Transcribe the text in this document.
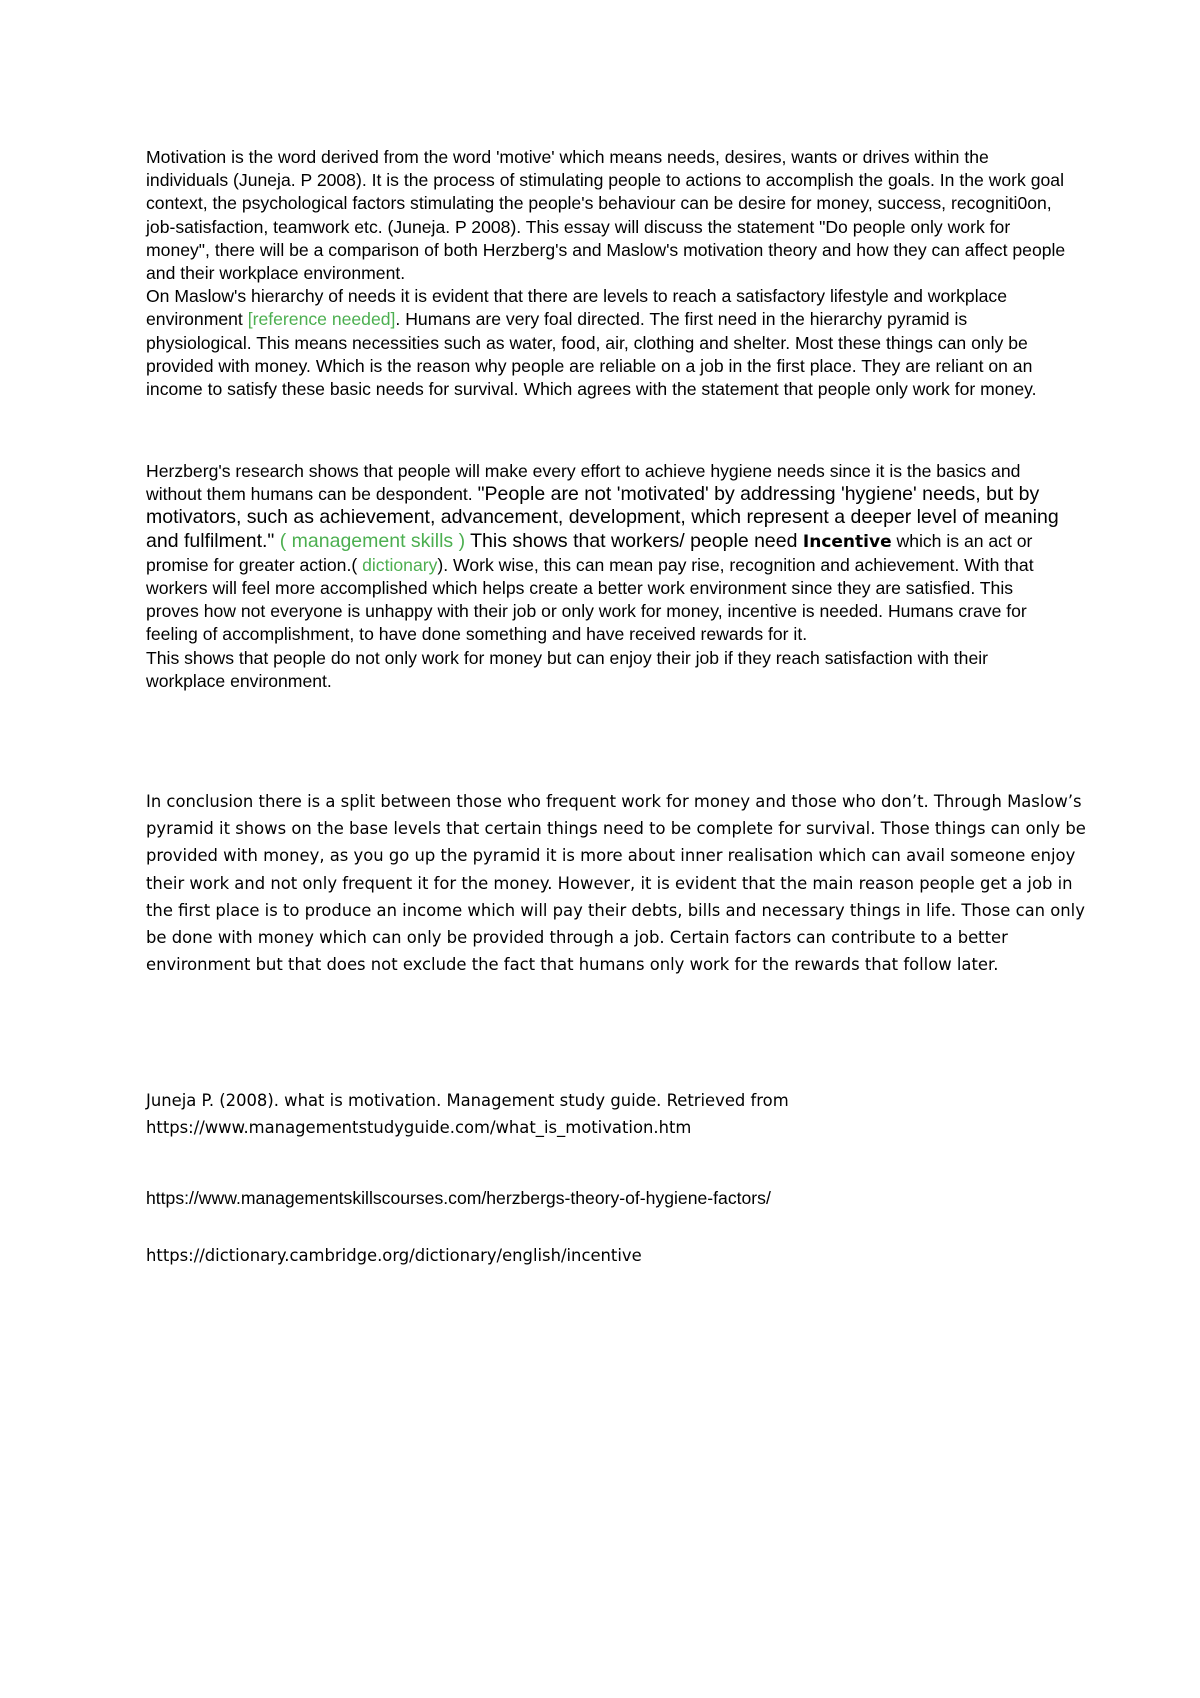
Motivation is the word derived from the word 'motive' which means needs, desires, wants or drives within the individuals (Juneja. P 2008). It is the process of stimulating people to actions to accomplish the goals. In the work goal context, the psychological factors stimulating the people's behaviour can be desire for money, success, recogniti0on, job-satisfaction, teamwork etc. (Juneja. P 2008). This essay will discuss the statement "Do people only work for money", there will be a comparison of both Herzberg's and Maslow's motivation theory and how they can affect people and their workplace environment.
On Maslow's hierarchy of needs it is evident that there are levels to reach a satisfactory lifestyle and workplace environment [reference needed]. Humans are very foal directed. The first need in the hierarchy pyramid is physiological. This means necessities such as water, food, air, clothing and shelter. Most these things can only be provided with money. Which is the reason why people are reliable on a job in the first place. They are reliant on an income to satisfy these basic needs for survival. Which agrees with the statement that people only work for money.
Herzberg's research shows that people will make every effort to achieve hygiene needs since it is the basics and without them humans can be despondent. "People are not 'motivated' by addressing 'hygiene' needs, but by motivators, such as achievement, advancement, development, which represent a deeper level of meaning and fulfilment." ( management skills ) This shows that workers/ people need Incentive which is an act or promise for greater action.( dictionary). Work wise, this can mean pay rise, recognition and achievement. With that workers will feel more accomplished which helps create a better work environment since they are satisfied. This proves how not everyone is unhappy with their job or only work for money, incentive is needed. Humans crave for feeling of accomplishment, to have done something and have received rewards for it.
This shows that people do not only work for money but can enjoy their job if they reach satisfaction with their workplace environment.

In conclusion there is a split between those who frequent work for money and those who don’t. Through Maslow’s pyramid it shows on the base levels that certain things need to be complete for survival. Those things can only be provided with money, as you go up the pyramid it is more about inner realisation which can avail someone enjoy their work and not only frequent it for the money. However, it is evident that the main reason people get a job in the first place is to produce an income which will pay their debts, bills and necessary things in life. Those can only be done with money which can only be provided through a job. Certain factors can contribute to a better environment but that does not exclude the fact that humans only work for the rewards that follow later.

Juneja P. (2008). what is motivation. Management study guide. Retrieved from
https://www.managementstudyguide.com/what_is_motivation.htm

https://www.managementskillscourses.com/herzbergs-theory-of-hygiene-factors/

https://dictionary.cambridge.org/dictionary/english/incentive
